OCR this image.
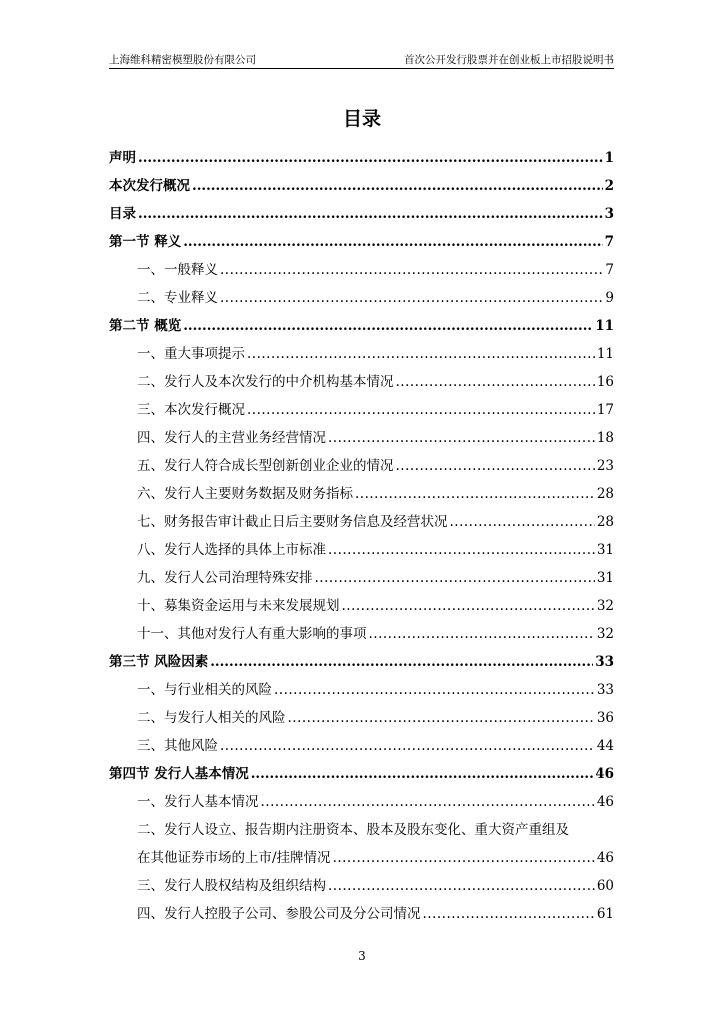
上海维科精密模塑股份有限公司	首次公开发行股票并在创业板上市招股说明书
目录
声明 .....	1
本次发行概况 .....	2
目录 .....	3
第一节 释义 .....	7
一、一般释义 .....	7
二、专业释义 .....	9
第二节 概览 .....	11
一、重大事项提示 .....	11
二、发行人及本次发行的中介机构基本情况 .....	16
三、本次发行概况 .....	17
四、发行人的主营业务经营情况 .....	18
五、发行人符合成长型创新创业企业的情况 .....	23
六、发行人主要财务数据及财务指标 .....	28
七、财务报告审计截止日后主要财务信息及经营状况 .....	28
八、发行人选择的具体上市标准 .....	31
九、发行人公司治理特殊安排 .....	31
十、募集资金运用与未来发展规划 .....	32
十一、其他对发行人有重大影响的事项 .....	32
第三节 风险因素 .....	33
一、与行业相关的风险 .....	33
二、与发行人相关的风险 .....	36
三、其他风险 .....	44
第四节 发行人基本情况 .....	46
一、发行人基本情况 .....	46
二、发行人设立、报告期内注册资本、股本及股东变化、重大资产重组及
在其他证券市场的上市/挂牌情况 .....	46
三、发行人股权结构及组织结构 .....	60
四、发行人控股子公司、参股公司及分公司情况 .....	61
3
